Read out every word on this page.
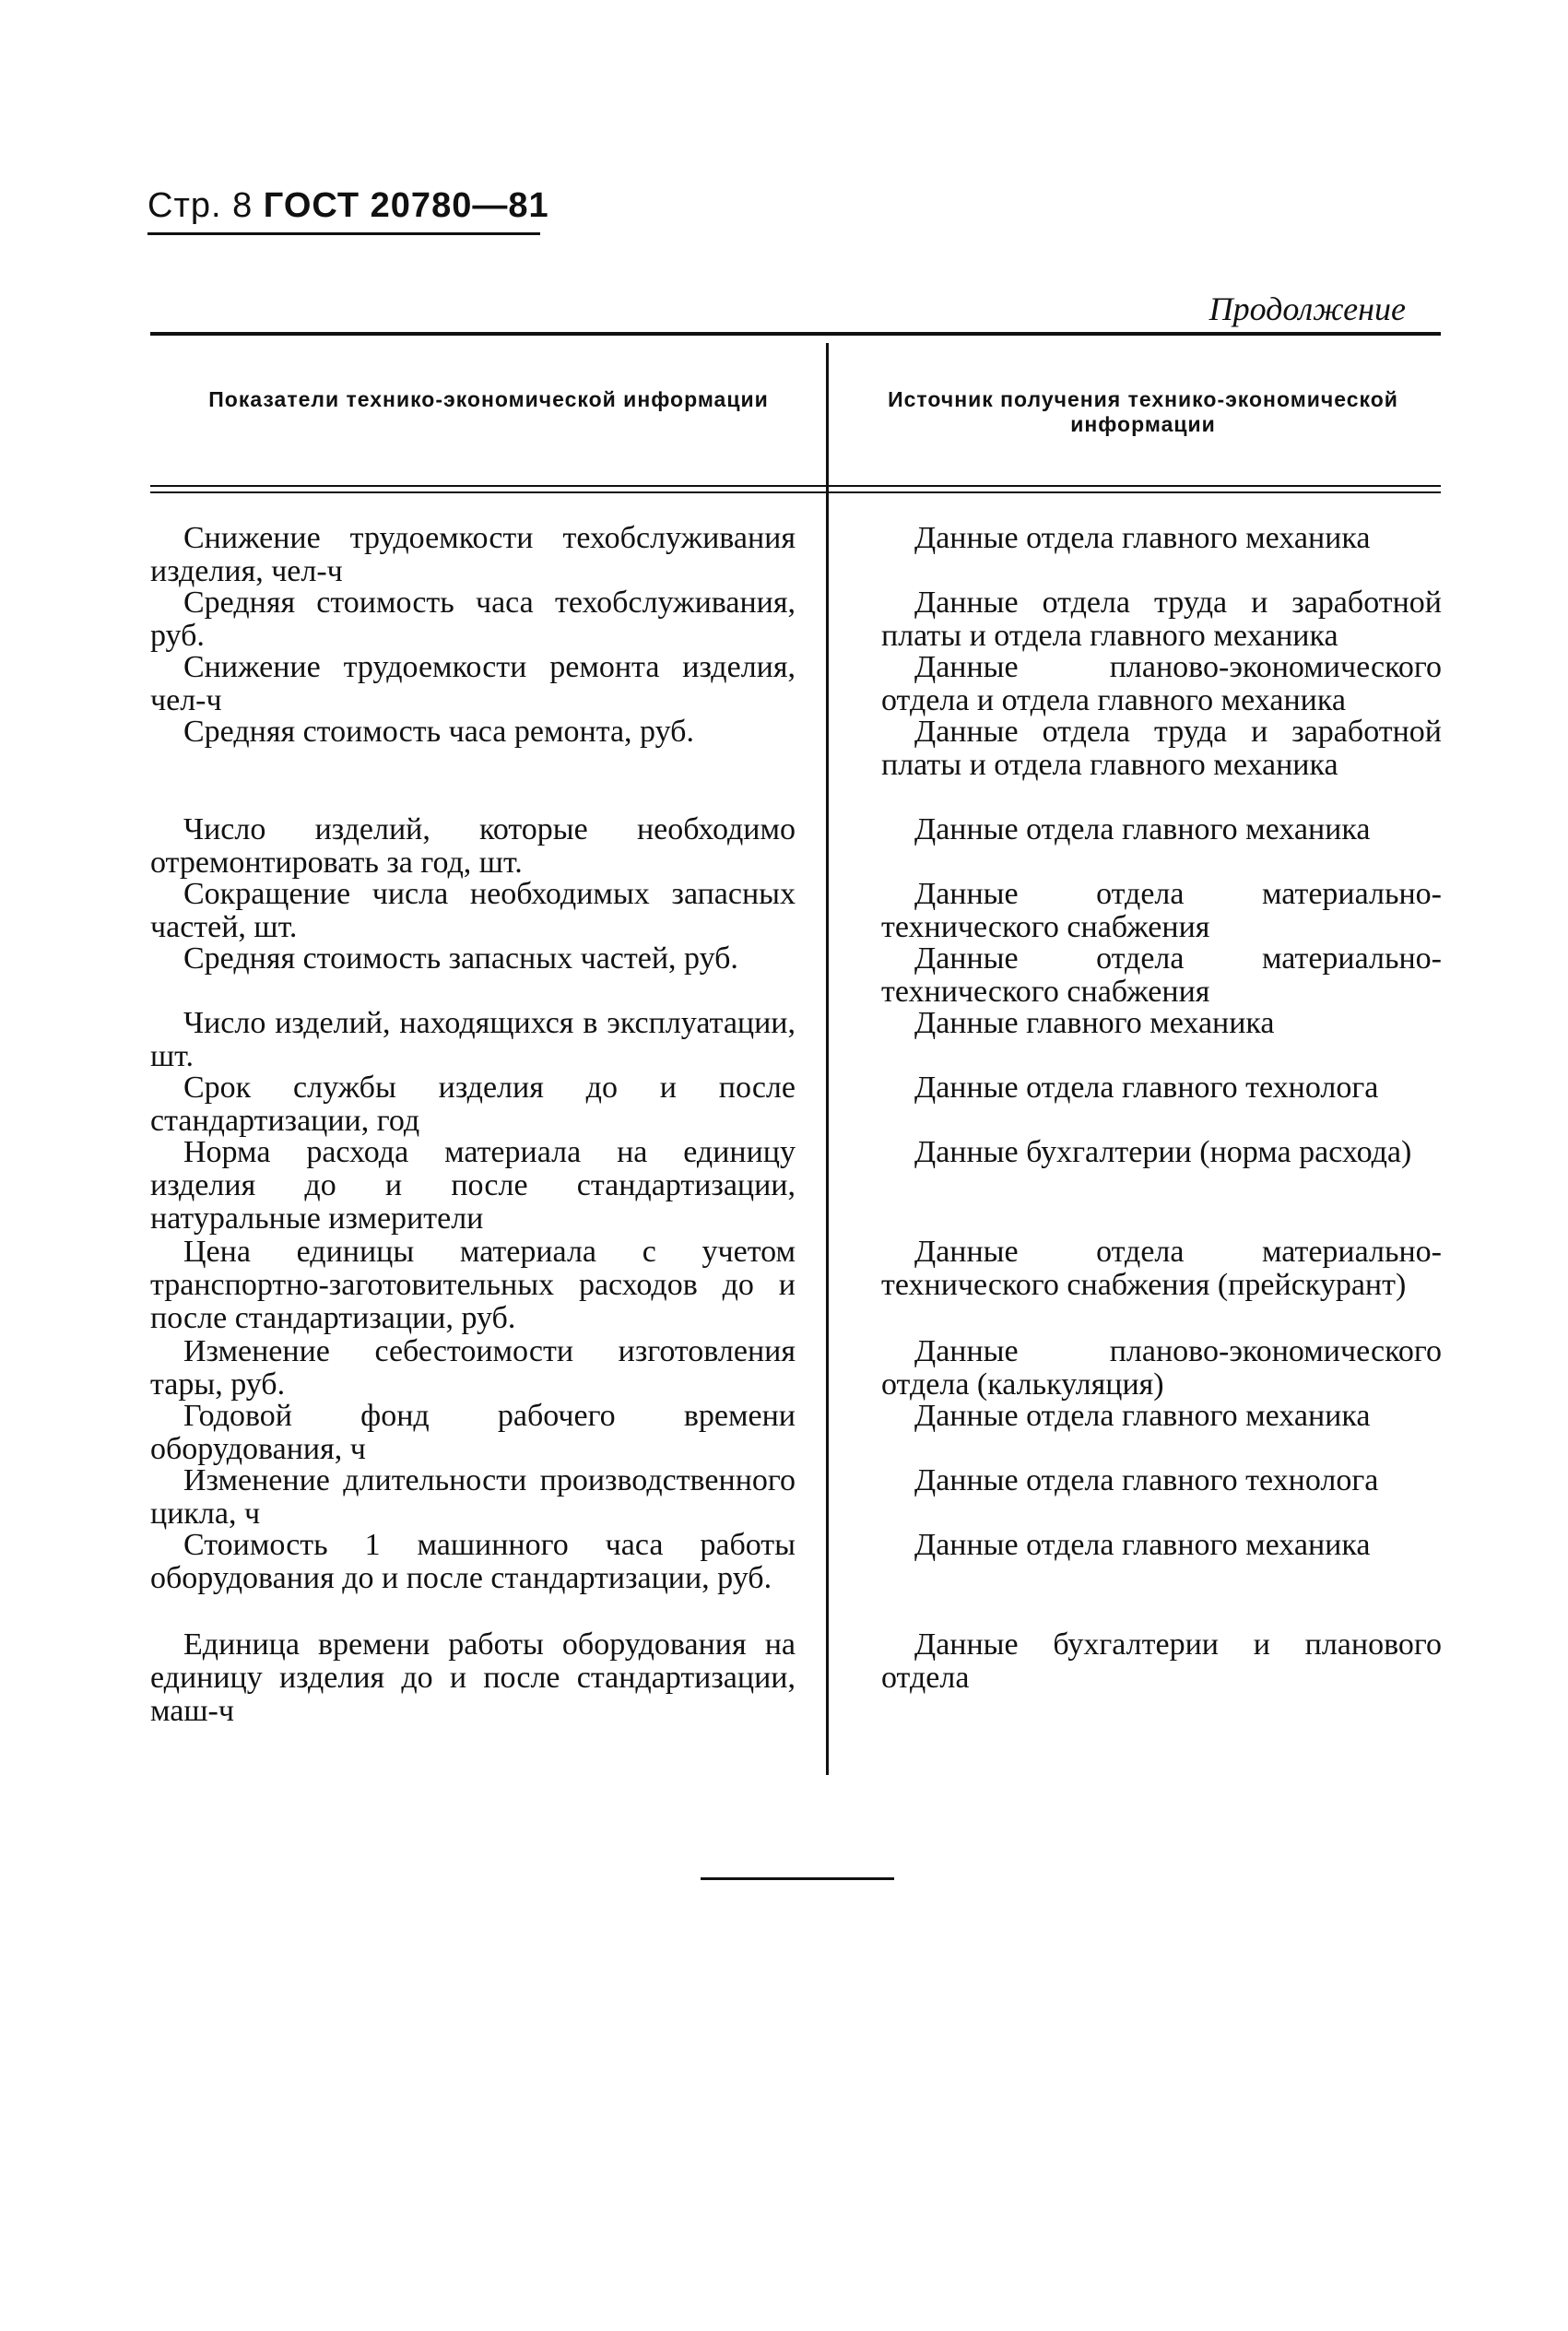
Стр. 8 ГОСТ 20780—81
Продолжение
Показатели технико-экономической информации	Источник получения технико-экономической информации
Снижение трудоемкости техобслуживания изделия, чел-ч
Средняя стоимость часа техобслуживания, руб.
Снижение трудоемкости ремонта изделия, чел-ч
Средняя стоимость часа ремонта, руб.
Число изделий, которые необходимо отремонтировать за год, шт.
Сокращение числа необходимых запасных частей, шт.
Средняя стоимость запасных частей, руб.
Число изделий, находящихся в эксплуатации, шт.
Срок службы изделия до и после стандартизации, год
Норма расхода материала на единицу изделия до и после стандартизации, натуральные измерители
Цена единицы материала с учетом транспортно-заготовительных расходов до и после стандартизации, руб.
Изменение себестоимости изготовления тары, руб.
Годовой фонд рабочего времени оборудования, ч
Изменение длительности производственного цикла, ч
Стоимость 1 машинного часа работы оборудования до и после стандартизации, руб.
Единица времени работы оборудования на единицу изделия до и после стандартизации, маш-ч
Данные отдела главного механика
Данные отдела труда и заработной платы и отдела главного механика
Данные планово-экономического отдела и отдела главного механика
Данные отдела труда и заработной платы и отдела главного механика
Данные отдела главного механика
Данные отдела материально-технического снабжения
Данные отдела материально-технического снабжения
Данные главного механика
Данные отдела главного технолога
Данные бухгалтерии (норма расхода)
Данные отдела материально-технического снабжения (прейскурант)
Данные планово-экономического отдела (калькуляция)
Данные отдела главного механика
Данные отдела главного технолога
Данные отдела главного механика
Данные бухгалтерии и планового отдела
